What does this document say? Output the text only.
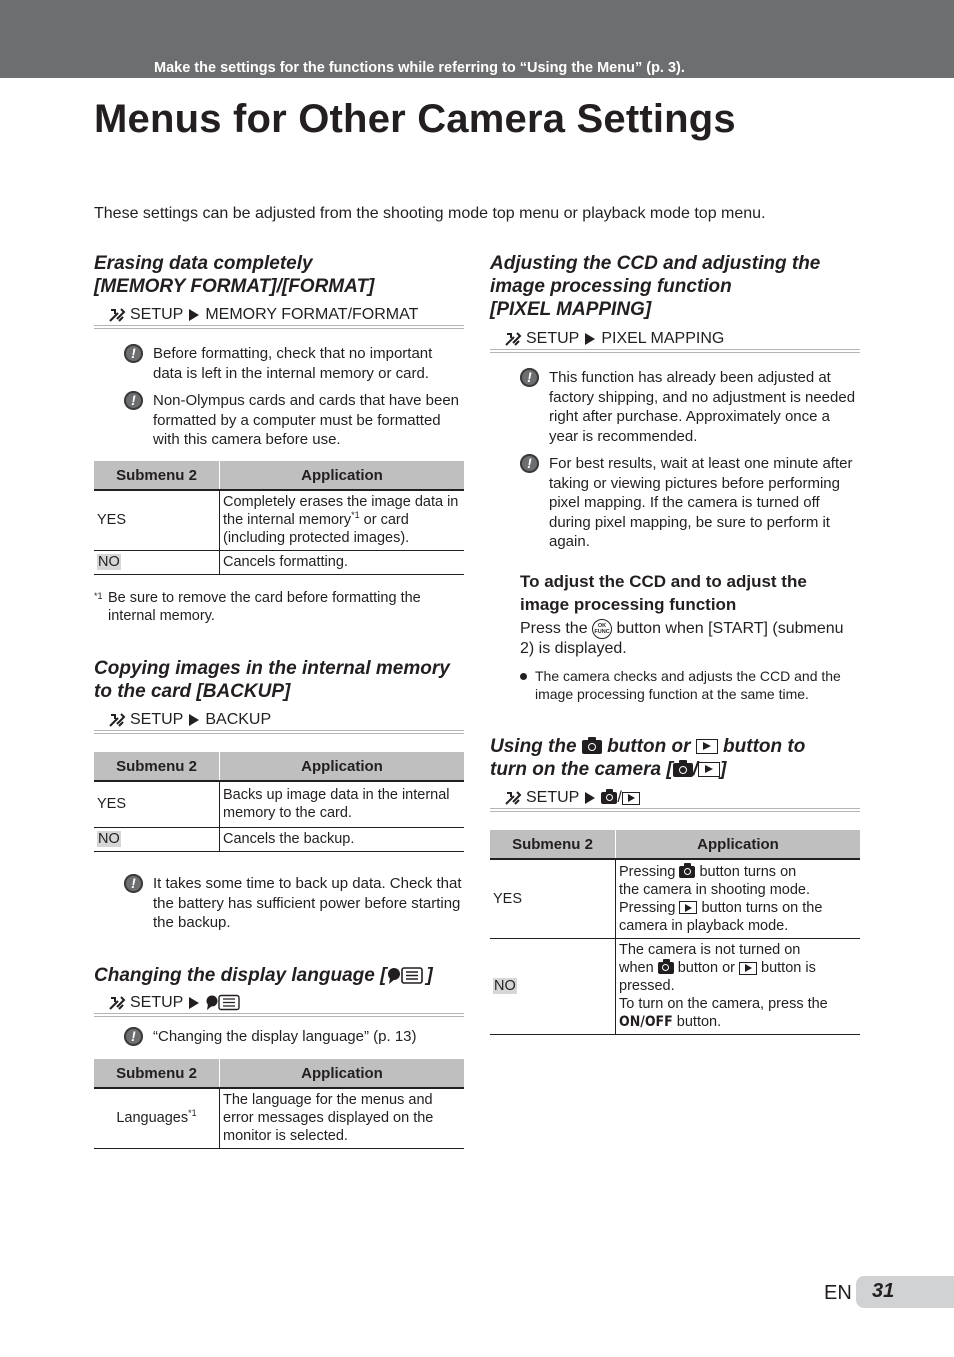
Make the settings for the functions while referring to “Using the Menu” (p. 3).
Menus for Other Camera Settings
These settings can be adjusted from the shooting mode top menu or playback mode top menu.

Erasing data completely

[MEMORY FORMAT]/[FORMAT]

SETUP MEMORY FORMAT/FORMAT
!	Before formatting, check that no important data is left in the internal memory or card.
!	Non-Olympus cards and cards that have been formatted by a computer must be formatted with this camera before use.
Submenu 2	Application
YES	Completely erases the image data in the internal memory$^{*1}$ or card (including protected images).
NO	Cancels formatting.
*1 Be sure to remove the card before formatting the internal memory.

Copying images in the internal memory

to the card [BACKUP]

SETUP BACKUP
Submenu 2	Application
YES	Backs up image data in the internal memory to the card.
NO	Cancels the backup.
!	It takes some time to back up data. Check that the battery has sufficient power before starting the backup.

Changing the display language [ ]

SETUP
!	“Changing the display language” (p. 13)
Submenu 2	Application
Languages$^{*1}$	The language for the menus and error messages displayed on the monitor is selected.

Adjusting the CCD and adjusting the

image processing function

[PIXEL MAPPING]

SETUP PIXEL MAPPING
!	This function has already been adjusted at factory shipping, and no adjustment is needed right after purchase. Approximately once a year is recommended.
!	For best results, wait at least one minute after taking or viewing pictures before performing pixel mapping. If the camera is turned off during pixel mapping, be sure to perform it again.
To adjust the CCD and to adjust the image processing function
Press the OK FUNC button when [START] (submenu 2) is displayed.
The camera checks and adjusts the CCD and the image processing function at the same time.

Using the  button or  button to

turn on the camera [ / ]

SETUP /
Submenu 2	Application
YES	Pressing  button turns on
the camera in shooting mode.
Pressing  button turns on the
camera in playback mode.

NO	The camera is not turned on
when  button or  button is
pressed.
To turn on the camera, press the
ON/OFF button.
EN 31
